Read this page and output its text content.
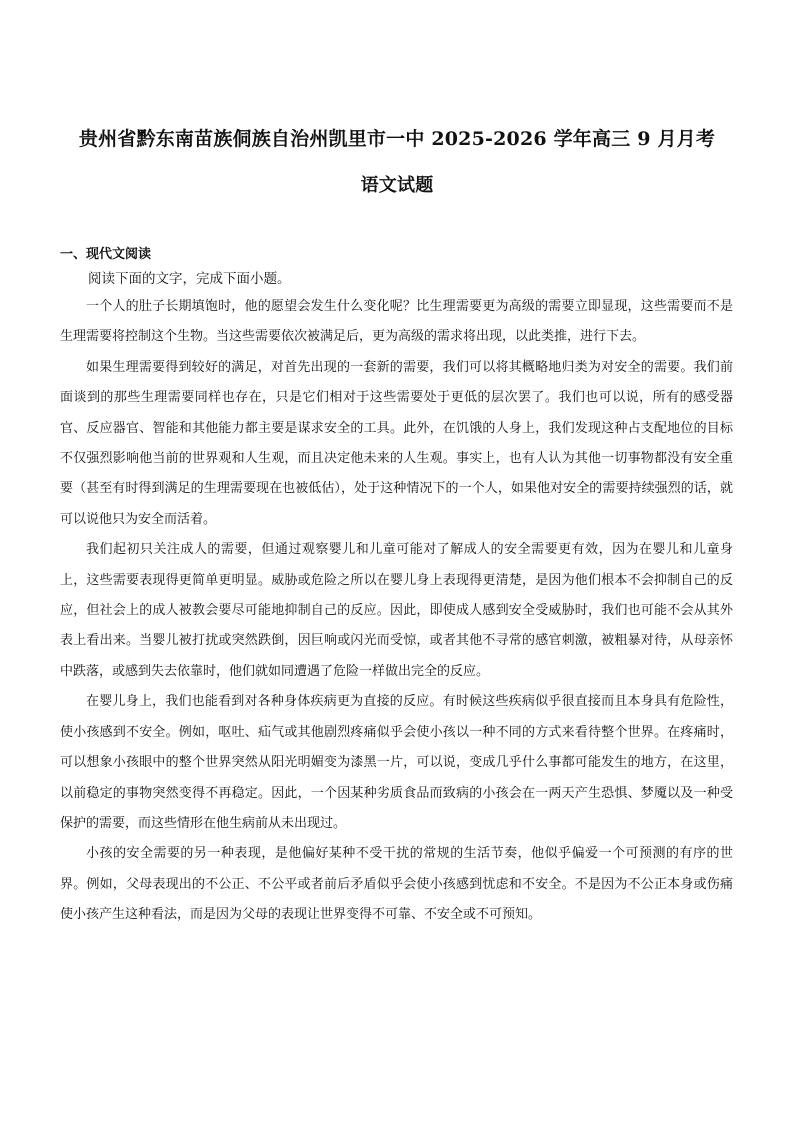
贵州省黔东南苗族侗族自治州凯里市一中 2025-2026 学年高三 9 月月考
语文试题
一、现代文阅读
阅读下面的文字，完成下面小题。

一个人的肚子长期填饱时，他的愿望会发生什么变化呢？比生理需要更为高级的需要立即显现，这些需要而不是生理需要将控制这个生物。当这些需要依次被满足后，更为高级的需求将出现，以此类推，进行下去。

如果生理需要得到较好的满足，对首先出现的一套新的需要，我们可以将其概略地归类为对安全的需要。我们前面谈到的那些生理需要同样也存在，只是它们相对于这些需要处于更低的层次罢了。我们也可以说，所有的感受器官、反应器官、智能和其他能力都主要是谋求安全的工具。此外，在饥饿的人身上，我们发现这种占支配地位的目标不仅强烈影响他当前的世界观和人生观，而且决定他未来的人生观。事实上，也有人认为其他一切事物都没有安全重要（甚至有时得到满足的生理需要现在也被低估），处于这种情况下的一个人，如果他对安全的需要持续强烈的话，就可以说他只为安全而活着。

我们起初只关注成人的需要，但通过观察婴儿和儿童可能对了解成人的安全需要更有效，因为在婴儿和儿童身上，这些需要表现得更简单更明显。威胁或危险之所以在婴儿身上表现得更清楚，是因为他们根本不会抑制自己的反应，但社会上的成人被教会要尽可能地抑制自己的反应。因此，即使成人感到安全受威胁时，我们也可能不会从其外表上看出来。当婴儿被打扰或突然跌倒，因巨响或闪光而受惊，或者其他不寻常的感官刺激，被粗暴对待，从母亲怀中跌落，或感到失去依靠时，他们就如同遭遇了危险一样做出完全的反应。

在婴儿身上，我们也能看到对各种身体疾病更为直接的反应。有时候这些疾病似乎很直接而且本身具有危险性，使小孩感到不安全。例如，呕吐、疝气或其他剧烈疼痛似乎会使小孩以一种不同的方式来看待整个世界。在疼痛时，可以想象小孩眼中的整个世界突然从阳光明媚变为漆黑一片，可以说，变成几乎什么事都可能发生的地方，在这里，以前稳定的事物突然变得不再稳定。因此，一个因某种劣质食品而致病的小孩会在一两天产生恐惧、梦魇以及一种受保护的需要，而这些情形在他生病前从未出现过。

小孩的安全需要的另一种表现，是他偏好某种不受干扰的常规的生活节奏，他似乎偏爱一个可预测的有序的世界。例如，父母表现出的不公正、不公平或者前后矛盾似乎会使小孩感到忧虑和不安全。不是因为不公正本身或伤痛使小孩产生这种看法，而是因为父母的表现让世界变得不可靠、不安全或不可预知。
